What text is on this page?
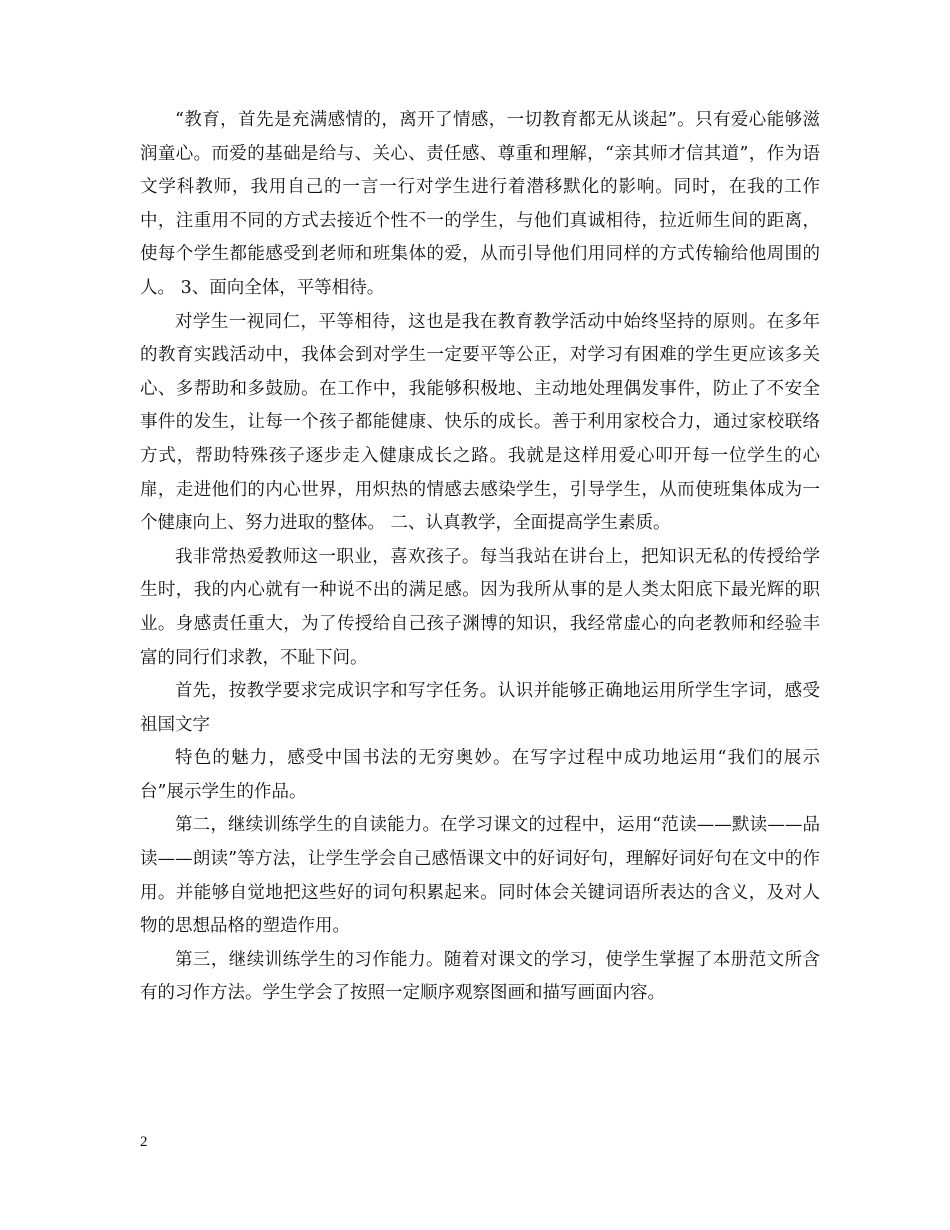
“教育，首先是充满感情的，离开了情感，一切教育都无从谈起”。只有爱心能够滋润童心。而爱的基础是给与、关心、责任感、尊重和理解，“亲其师才信其道”，作为语文学科教师，我用自己的一言一行对学生进行着潜移默化的影响。同时，在我的工作中，注重用不同的方式去接近个性不一的学生，与他们真诚相待，拉近师生间的距离，使每个学生都能感受到老师和班集体的爱，从而引导他们用同样的方式传输给他周围的人。 3、面向全体，平等相待。

对学生一视同仁，平等相待，这也是我在教育教学活动中始终坚持的原则。在多年的教育实践活动中，我体会到对学生一定要平等公正，对学习有困难的学生更应该多关心、多帮助和多鼓励。在工作中，我能够积极地、主动地处理偶发事件，防止了不安全事件的发生，让每一个孩子都能健康、快乐的成长。善于利用家校合力，通过家校联络方式，帮助特殊孩子逐步走入健康成长之路。我就是这样用爱心叩开每一位学生的心扉，走进他们的内心世界，用炽热的情感去感染学生，引导学生，从而使班集体成为一个健康向上、努力进取的整体。 二、认真教学，全面提高学生素质。

我非常热爱教师这一职业，喜欢孩子。每当我站在讲台上，把知识无私的传授给学生时，我的内心就有一种说不出的满足感。因为我所从事的是人类太阳底下最光辉的职业。身感责任重大，为了传授给自己孩子渊博的知识，我经常虚心的向老教师和经验丰富的同行们求教，不耻下问。

首先，按教学要求完成识字和写字任务。认识并能够正确地运用所学生字词，感受祖国文字

特色的魅力，感受中国书法的无穷奥妙。在写字过程中成功地运用“我们的展示台”展示学生的作品。

第二，继续训练学生的自读能力。在学习课文的过程中，运用“范读——默读——品读——朗读”等方法，让学生学会自己感悟课文中的好词好句，理解好词好句在文中的作用。并能够自觉地把这些好的词句积累起来。同时体会关键词语所表达的含义，及对人物的思想品格的塑造作用。

第三，继续训练学生的习作能力。随着对课文的学习，使学生掌握了本册范文所含有的习作方法。学生学会了按照一定顺序观察图画和描写画面内容。

2
